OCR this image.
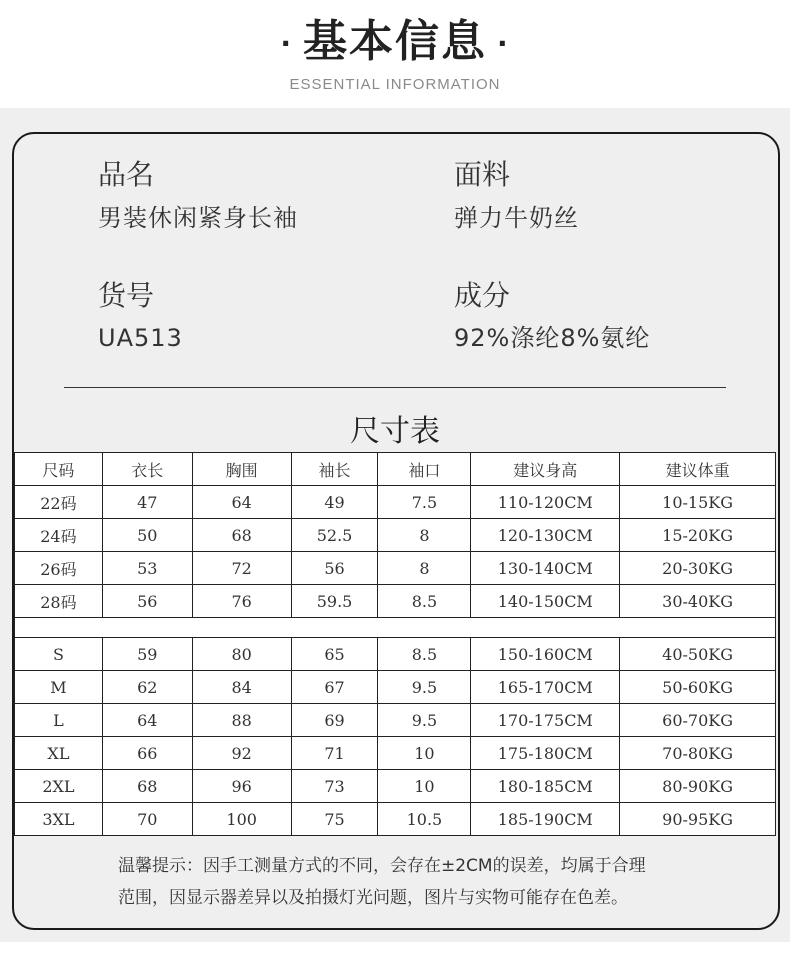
· 基本信息 ·
ESSENTIAL INFORMATION
品名
男装休闲紧身长袖
面料
弹力牛奶丝
货号
UA513
成分
92%涤纶8%氨纶
尺寸表
尺码	衣长	胸围	袖长	袖口	建议身高	建议体重
22码	47	64	49	7.5	110-120CM	10-15KG
24码	50	68	52.5	8	120-130CM	15-20KG
26码	53	72	56	8	130-140CM	20-30KG
28码	56	76	59.5	8.5	140-150CM	30-40KG

S	59	80	65	8.5	150-160CM	40-50KG
M	62	84	67	9.5	165-170CM	50-60KG
L	64	88	69	9.5	170-175CM	60-70KG
XL	66	92	71	10	175-180CM	70-80KG
2XL	68	96	73	10	180-185CM	80-90KG
3XL	70	100	75	10.5	185-190CM	90-95KG
温馨提示：因手工测量方式的不同，会存在±2CM的误差，均属于合理
范围，因显示器差异以及拍摄灯光问题，图片与实物可能存在色差。
